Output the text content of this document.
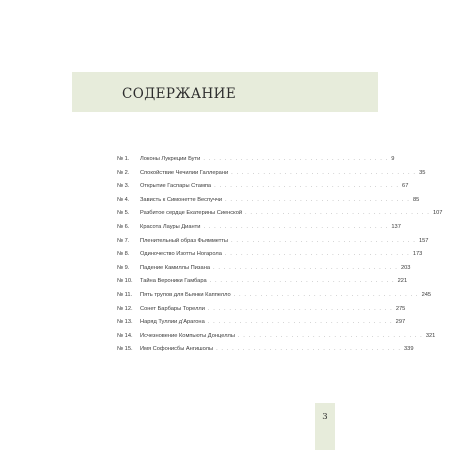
СОДЕРЖАНИЕ
№ 1.	Локоны Лукреции Бути . . . . . . . . . . . . . . . . . . . . . . . . . . . . . . . . . . . 9
№ 2.	Спокойствие Чечилии Галлерани . . . . . . . . . . . . . . . . . . . . . . . . . . . . . . . . . . . 35
№ 3.	Открытие Гаспары Стампа . . . . . . . . . . . . . . . . . . . . . . . . . . . . . . . . . . . 67
№ 4.	Зависть к Симонетте Веспуччи . . . . . . . . . . . . . . . . . . . . . . . . . . . . . . . . . . . 85
№ 5.	Разбитое сердце Екатерины Сиенской . . . . . . . . . . . . . . . . . . . . . . . . . . . . . . . . . . . 107
№ 6.	Красота Лауры Дианти . . . . . . . . . . . . . . . . . . . . . . . . . . . . . . . . . . . 137
№ 7.	Пленительный образ Фьямметты . . . . . . . . . . . . . . . . . . . . . . . . . . . . . . . . . . . 157
№ 8.	Одиночество Изотты Ногарола . . . . . . . . . . . . . . . . . . . . . . . . . . . . . . . . . . . 173
№ 9.	Падение Камиллы Пизана . . . . . . . . . . . . . . . . . . . . . . . . . . . . . . . . . . . 203
№ 10.	Тайна Вероники Гамбара . . . . . . . . . . . . . . . . . . . . . . . . . . . . . . . . . . . 221
№ 11.	Пять трупов для Бьянки Каппелло . . . . . . . . . . . . . . . . . . . . . . . . . . . . . . . . . . . 245
№ 12.	Сонет Барбары Торелли . . . . . . . . . . . . . . . . . . . . . . . . . . . . . . . . . . . 275
№ 13.	Наряд Туллии д'Арагона . . . . . . . . . . . . . . . . . . . . . . . . . . . . . . . . . . . 297
№ 14.	Исчезновение Компьюты Донцеллы . . . . . . . . . . . . . . . . . . . . . . . . . . . . . . . . . . . 321
№ 15.	Имя Софонисбы Ангишолы . . . . . . . . . . . . . . . . . . . . . . . . . . . . . . . . . . . 339

3
